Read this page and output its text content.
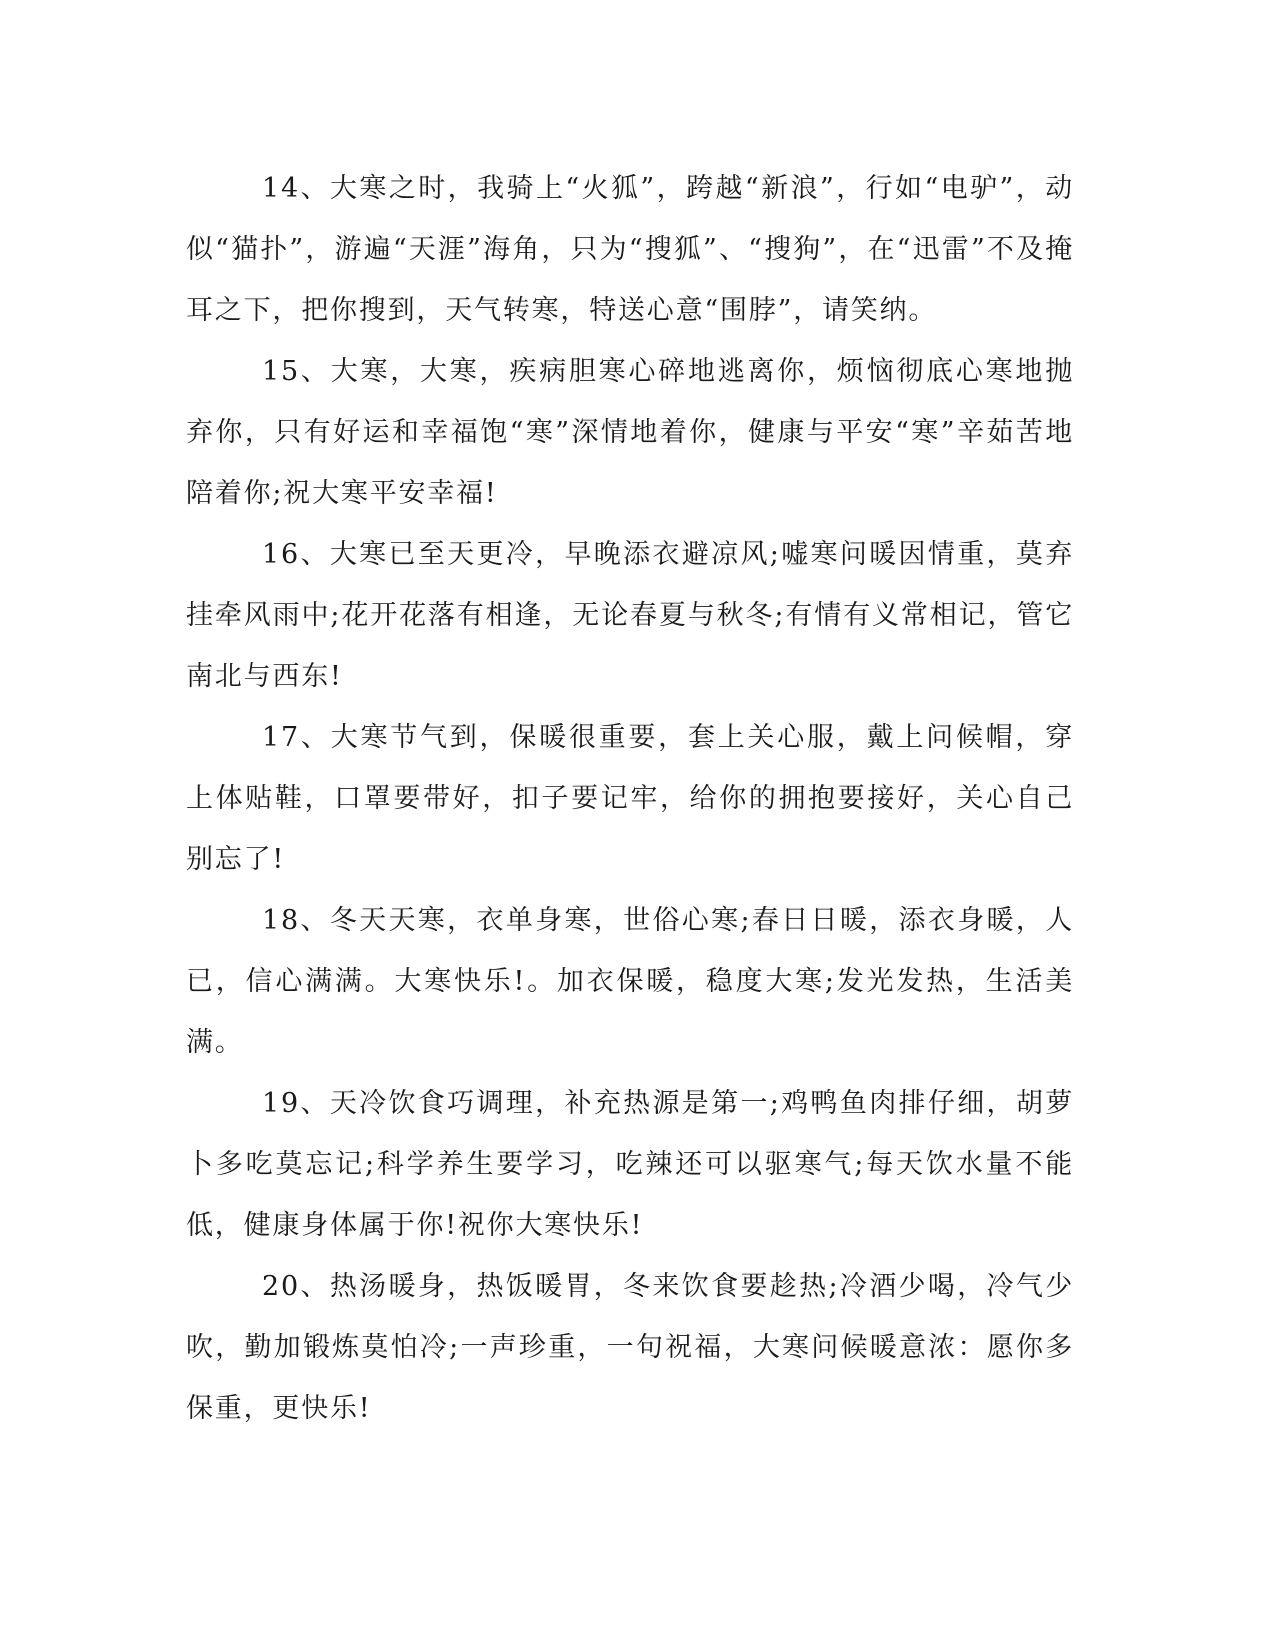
14、大寒之时，我骑上“火狐”，跨越“新浪”，行如“电驴”，动似“猫扑”，游遍“天涯”海角，只为“搜狐”、“搜狗”，在“迅雷”不及掩耳之下，把你搜到，天气转寒，特送心意“围脖”，请笑纳。

15、大寒，大寒，疾病胆寒心碎地逃离你，烦恼彻底心寒地抛弃你，只有好运和幸福饱“寒”深情地着你，健康与平安“寒”辛茹苦地陪着你;祝大寒平安幸福!

16、大寒已至天更冷，早晚添衣避凉风;嘘寒问暖因情重，莫弃挂牵风雨中;花开花落有相逢，无论春夏与秋冬;有情有义常相记，管它南北与西东!

17、大寒节气到，保暖很重要，套上关心服，戴上问候帽，穿上体贴鞋，口罩要带好，扣子要记牢，给你的拥抱要接好，关心自己别忘了!

18、冬天天寒，衣单身寒，世俗心寒;春日日暖，添衣身暖，人已，信心满满。大寒快乐!。加衣保暖，稳度大寒;发光发热，生活美满。

19、天冷饮食巧调理，补充热源是第一;鸡鸭鱼肉排仔细，胡萝卜多吃莫忘记;科学养生要学习，吃辣还可以驱寒气;每天饮水量不能低，健康身体属于你!祝你大寒快乐!

20、热汤暖身，热饭暖胃，冬来饮食要趁热;冷酒少喝，冷气少吹，勤加锻炼莫怕冷;一声珍重，一句祝福，大寒问候暖意浓：愿你多保重，更快乐!
